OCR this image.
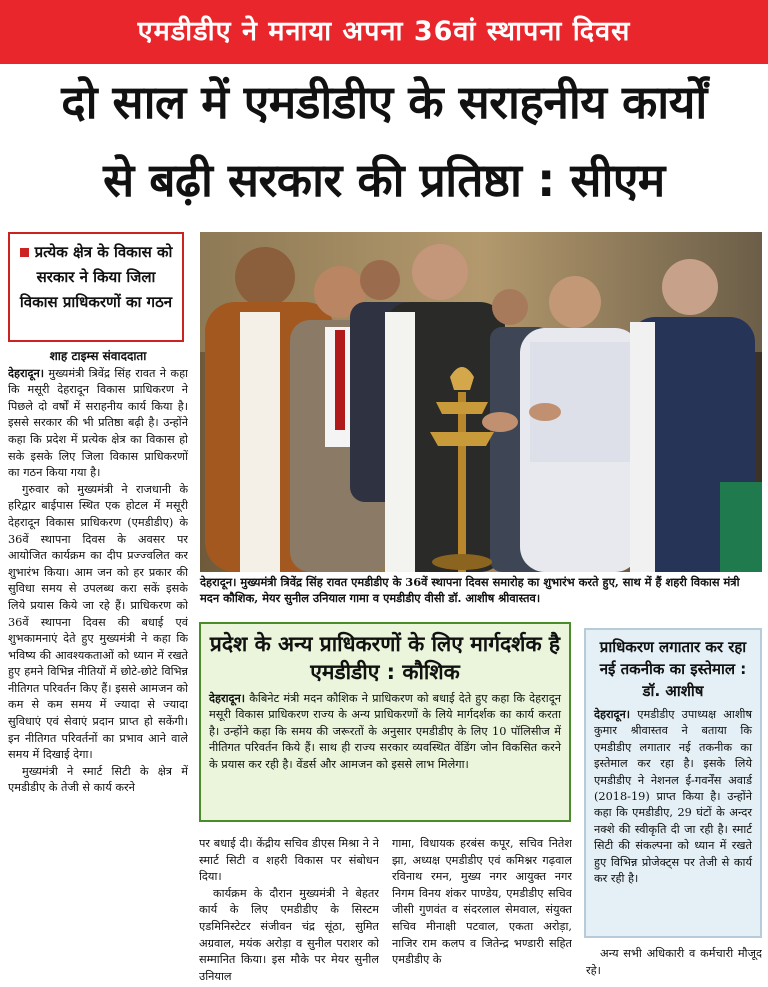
एमडीडीए ने मनाया अपना 36वां स्थापना दिवस
दो साल में एमडीडीए के सराहनीय कार्यों
से बढ़ी सरकार की प्रतिष्ठा : सीएम
प्रत्येक क्षेत्र के विकास को सरकार ने किया जिला विकास प्राधिकरणों का गठन
शाह टाइम्स संवाददाता

देहरादून। मुख्यमंत्री त्रिवेंद्र सिंह रावत ने कहा कि मसूरी देहरादून विकास प्राधिकरण ने पिछले दो वर्षों में सराहनीय कार्य किया है। इससे सरकार की भी प्रतिष्ठा बढ़ी है। उन्होंने कहा कि प्रदेश में प्रत्येक क्षेत्र का विकास हो सके इसके लिए जिला विकास प्राधिकरणों का गठन किया गया है।

गुरुवार को मुख्यमंत्री ने राजधानी के हरिद्वार बाईपास स्थित एक होटल में मसूरी देहरादून विकास प्राधिकरण (एमडीडीए) के 36वें स्थापना दिवस के अवसर पर आयोजित कार्यक्रम का दीप प्रज्ज्वलित कर शुभारंभ किया। आम जन को हर प्रकार की सुविधा समय से उपलब्ध करा सकें इसके लिये प्रयास किये जा रहे हैं। प्राधिकरण को 36वें स्थापना दिवस की बधाई एवं शुभकामनाएं देते हुए मुख्यमंत्री ने कहा कि भविष्य की आवश्यकताओं को ध्यान में रखते हुए हमने विभिन्न नीतियों में छोटे-छोटे विभिन्न नीतिगत परिवर्तन किए हैं। इससे आमजन को कम से कम समय में ज्यादा से ज्यादा सुविधाएं एवं सेवाएं प्रदान प्राप्त हो सकेंगी। इन नीतिगत परिवर्तनों का प्रभाव आने वाले समय में दिखाई देगा।

मुख्यमंत्री ने स्मार्ट सिटी के क्षेत्र में एमडीडीए के तेजी से कार्य करने

देहरादून। मुख्यमंत्री त्रिवेंद्र सिंह रावत एमडीडीए के 36वें स्थापना दिवस समारोह का शुभारंभ करते हुए, साथ में हैं शहरी विकास मंत्री मदन कौशिक, मेयर सुनील उनियाल गामा व एमडीडीए वीसी डॉ. आशीष श्रीवास्तव।
प्रदेश के अन्य प्राधिकरणों के लिए मार्गदर्शक है एमडीडीए : कौशिक
देहरादून। कैबिनेट मंत्री मदन कौशिक ने प्राधिकरण को बधाई देते हुए कहा कि देहरादून मसूरी विकास प्राधिकरण राज्य के अन्य प्राधिकरणों के लिये मार्गदर्शक का कार्य करता है। उन्होंने कहा कि समय की जरूरतों के अनुसार एमडीडीए के लिए 10 पॉलिसीज में नीतिगत परिवर्तन किये हैं। साथ ही राज्य सरकार व्यवस्थित वेंडिंग जोन विकसित करने के प्रयास कर रही है। वेंडर्स और आमजन को इससे लाभ मिलेगा।

पर बधाई दी। केंद्रीय सचिव डीएस मिश्रा ने ने स्मार्ट सिटी व शहरी विकास पर संबोधन दिया।

कार्यक्रम के दौरान मुख्यमंत्री ने बेहतर कार्य के लिए एमडीडीए के सिस्टम एडमिनिस्टेटर संजीवन चंद्र सूंठा, सुमित अग्रवाल, मयंक अरोड़ा व सुनील पराशर को सम्मानित किया। इस मौके पर मेयर सुनील उनियाल

गामा, विधायक हरबंस कपूर, सचिव नितेश झा, अध्यक्ष एमडीडीए एवं कमिश्नर गढ़वाल रविनाथ रमन, मुख्य नगर आयुक्त नगर निगम विनय शंकर पाण्डेय, एमडीडीए सचिव जीसी गुणवंत व संदरलाल सेमवाल, संयुक्त सचिव मीनाक्षी पटवाल, एकता अरोड़ा, नाजिर राम कलप व जितेन्द्र भण्डारी सहित एमडीडीए के

प्राधिकरण लगातार कर रहा नई तकनीक का इस्तेमाल : डॉ. आशीष
देहरादून। एमडीडीए उपाध्यक्ष आशीष कुमार श्रीवास्तव ने बताया कि एमडीडीए लगातार नई तकनीक का इस्तेमाल कर रहा है। इसके लिये एमडीडीए ने नेशनल ई-गवर्नेंस अवार्ड (2018-19) प्राप्त किया है। उन्होंने कहा कि एमडीडीए, 29 घंटों के अन्दर नक्शे की स्वीकृति दी जा रही है। स्मार्ट सिटी की संकल्पना को ध्यान में रखते हुए विभिन्न प्रोजेक्ट्स पर तेजी से कार्य कर रही है।

अन्य सभी अधिकारी व कर्मचारी मौजूद रहे।
